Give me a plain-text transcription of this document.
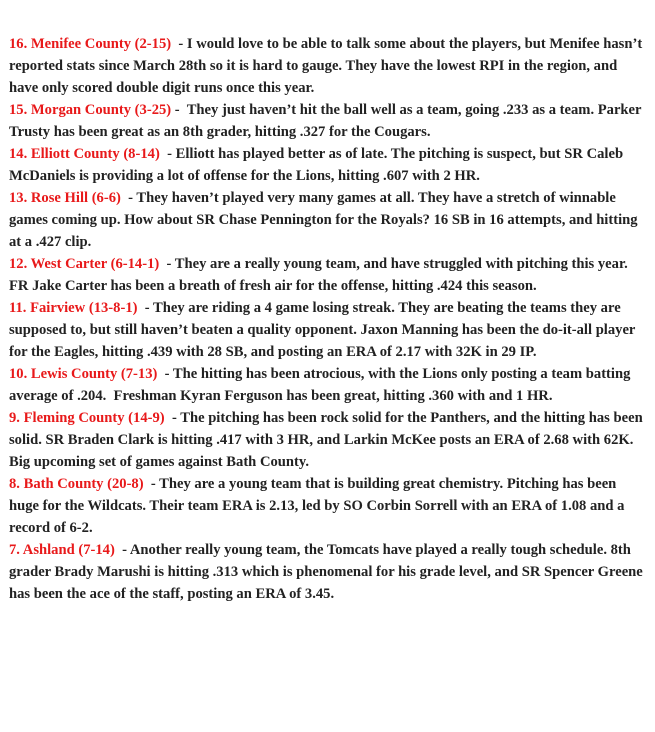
16. Menifee County (2-15)  - I would love to be able to talk some about the players, but Menifee hasn’t reported stats since March 28th so it is hard to gauge. They have the lowest RPI in the region, and have only scored double digit runs once this year.

15. Morgan County (3-25) -  They just haven’t hit the ball well as a team, going .233 as a team. Parker Trusty has been great as an 8th grader, hitting .327 for the Cougars.

14. Elliott County (8-14)  - Elliott has played better as of late. The pitching is suspect, but SR Caleb McDaniels is providing a lot of offense for the Lions, hitting .607 with 2 HR.

13. Rose Hill (6-6)  - They haven’t played very many games at all. They have a stretch of winnable games coming up. How about SR Chase Pennington for the Royals? 16 SB in 16 attempts, and hitting at a .427 clip.

12. West Carter (6-14-1)  - They are a really young team, and have struggled with pitching this year. FR Jake Carter has been a breath of fresh air for the offense, hitting .424 this season.

11. Fairview (13-8-1)  - They are riding a 4 game losing streak. They are beating the teams they are supposed to, but still haven’t beaten a quality opponent. Jaxon Manning has been the do-it-all player for the Eagles, hitting .439 with 28 SB, and posting an ERA of 2.17 with 32K in 29 IP.

10. Lewis County (7-13)  - The hitting has been atrocious, with the Lions only posting a team batting average of .204.  Freshman Kyran Ferguson has been great, hitting .360 with and 1 HR.

9. Fleming County (14-9)  - The pitching has been rock solid for the Panthers, and the hitting has been solid. SR Braden Clark is hitting .417 with 3 HR, and Larkin McKee posts an ERA of 2.68 with 62K. Big upcoming set of games against Bath County.

8. Bath County (20-8)  - They are a young team that is building great chemistry. Pitching has been huge for the Wildcats. Their team ERA is 2.13, led by SO Corbin Sorrell with an ERA of 1.08 and a record of 6-2.

7. Ashland (7-14)  - Another really young team, the Tomcats have played a really tough schedule. 8th grader Brady Marushi is hitting .313 which is phenomenal for his grade level, and SR Spencer Greene has been the ace of the staff, posting an ERA of 3.45.
